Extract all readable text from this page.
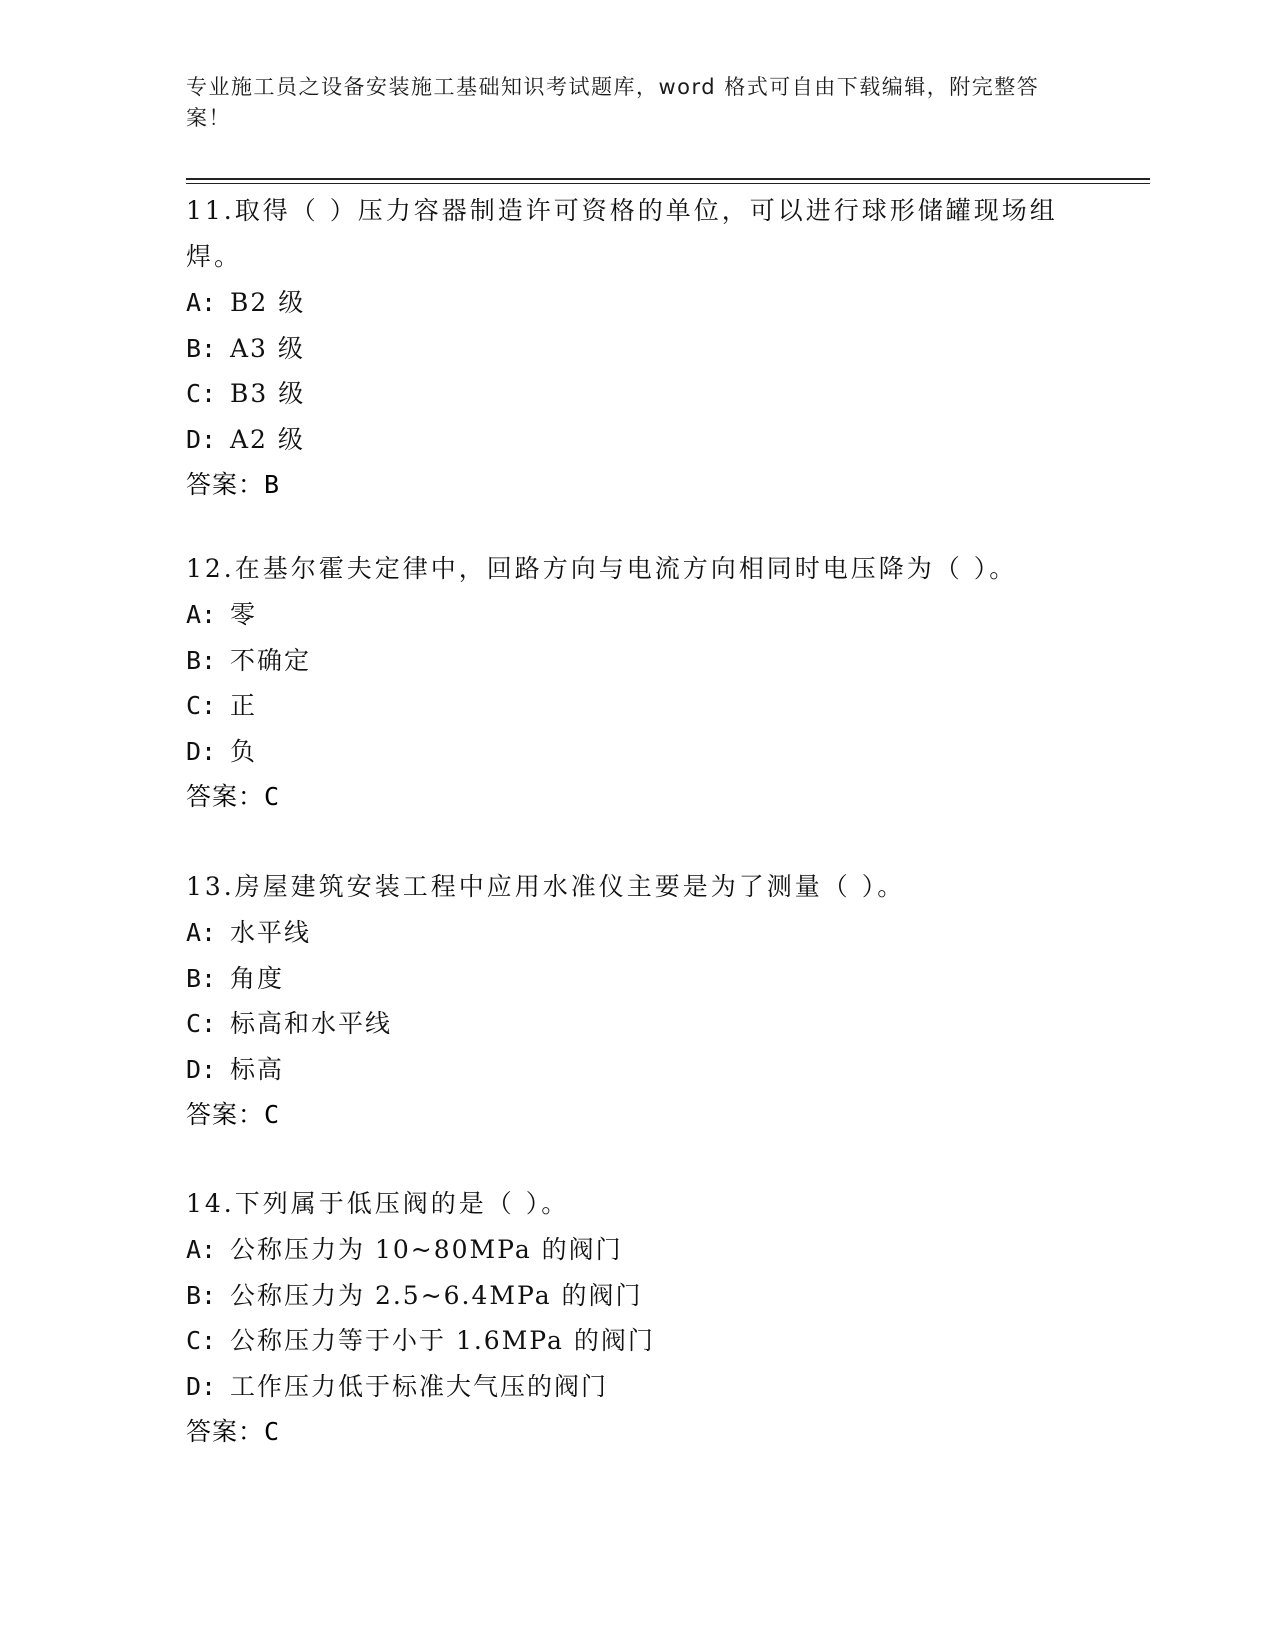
专业施工员之设备安装施工基础知识考试题库，word 格式可自由下载编辑，附完整答案！

11.取得（ ）压力容器制造许可资格的单位，可以进行球形储罐现场组焊。

A: B2 级
B: A3 级
C: B3 级
D: A2 级
答案：B

12.在基尔霍夫定律中，回路方向与电流方向相同时电压降为（ ）。

A: 零
B: 不确定
C: 正
D: 负
答案：C

13.房屋建筑安装工程中应用水准仪主要是为了测量（ ）。

A: 水平线
B: 角度
C: 标高和水平线
D: 标高
答案：C

14.下列属于低压阀的是（ ）。

A: 公称压力为 10~80MPa 的阀门
B: 公称压力为 2.5~6.4MPa 的阀门
C: 公称压力等于小于 1.6MPa 的阀门
D: 工作压力低于标准大气压的阀门
答案：C
